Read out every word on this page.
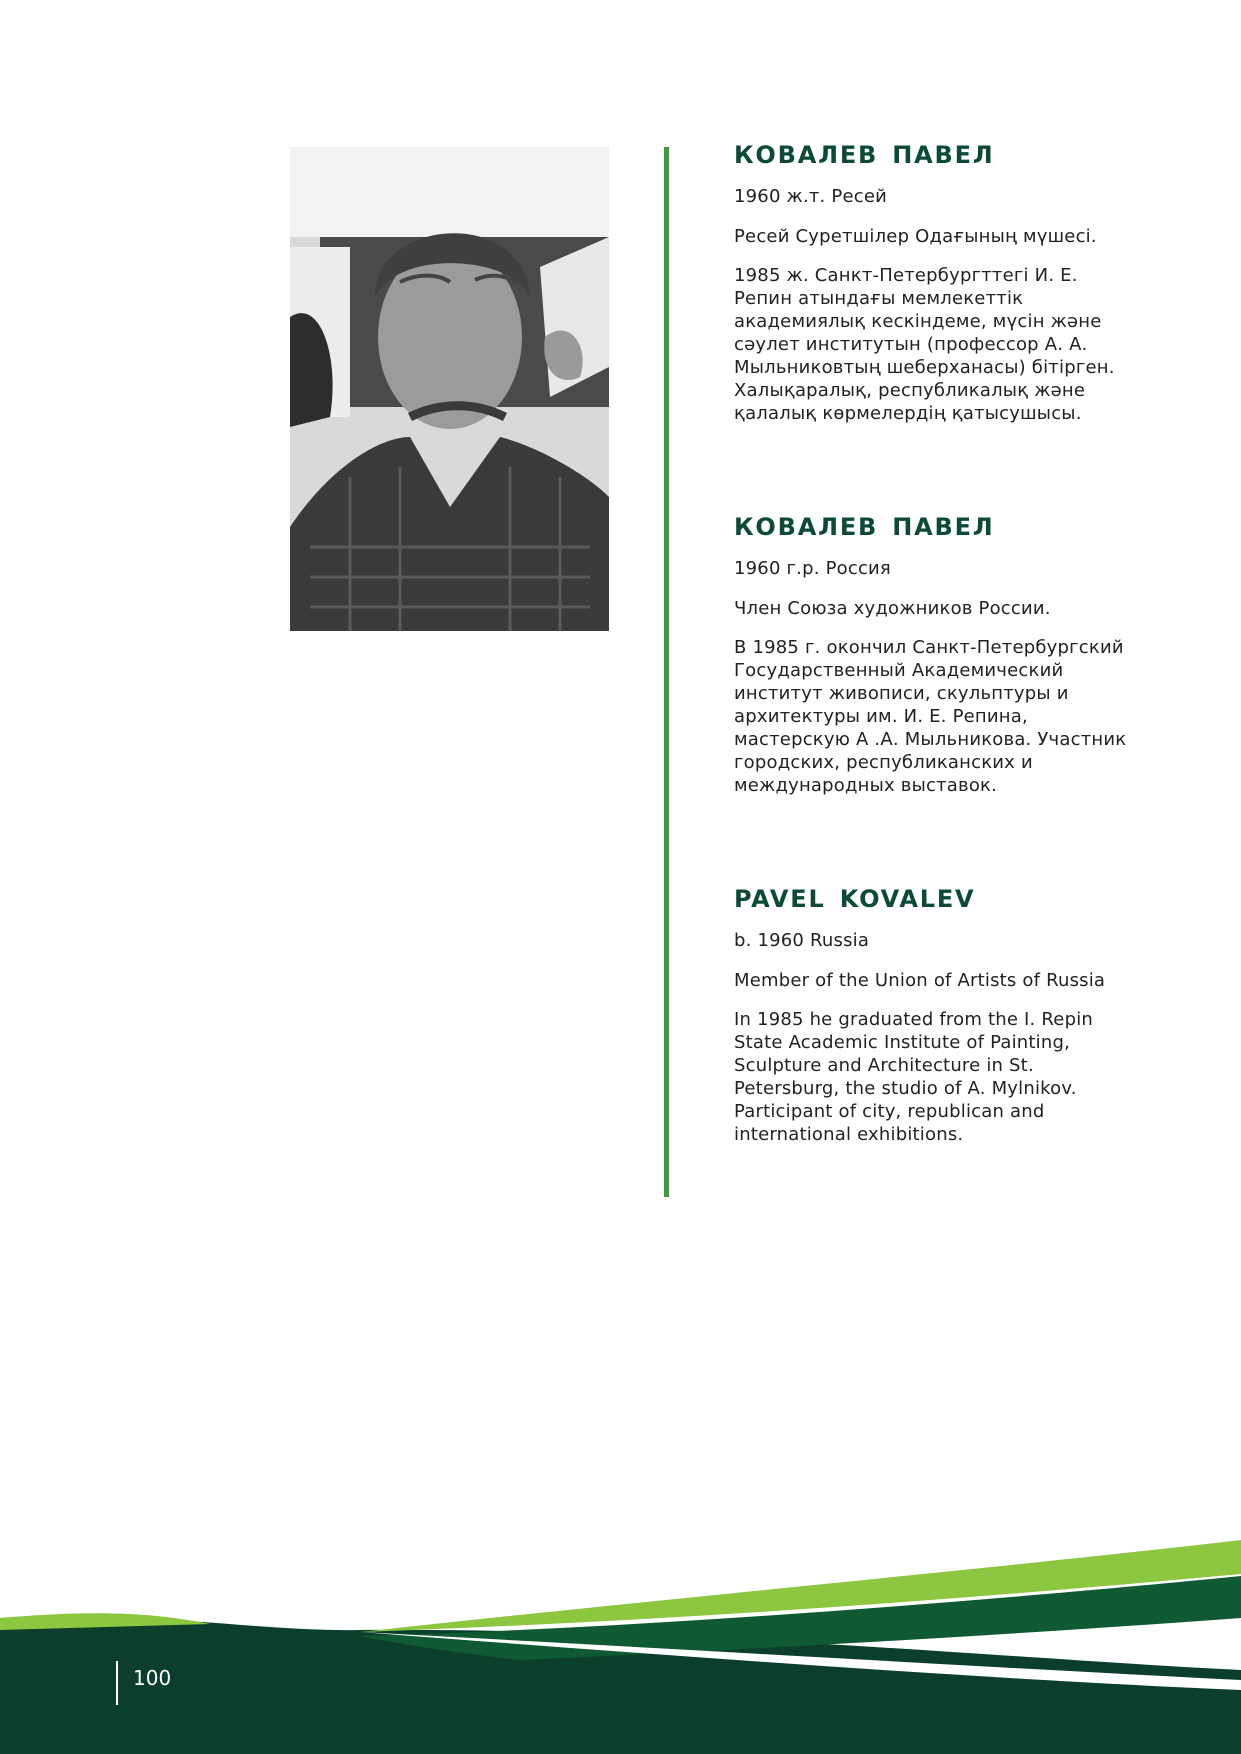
КОВАЛЕВ ПАВЕЛ

1960 ж.т. Ресей

Ресей Суретшілер Одағының мүшесі.

1985 ж. Санкт-Петербургттегі И. Е. Репин атындағы мемлекеттік академиялық кескіндеме, мүсін және сәулет институтын (профессор А. А. Мыльниковтың шеберханасы) бітірген. Халықаралық, республикалық және қалалық көрмелердің қатысушысы.

КОВАЛЕВ ПАВЕЛ

1960 г.р. Россия

Член Союза художников России.

В 1985 г. окончил Санкт-Петербургский Государственный Академический институт живописи, скульптуры и архитектуры им. И. Е. Репина, мастерскую А .А. Мыльникова. Участник городских, республиканских и международных выставок.

PAVEL KOVALEV

b. 1960 Russia

Member of the Union of Artists of Russia

In 1985 he graduated from the I. Repin State Academic Institute of Painting, Sculpture and Architecture in St. Petersburg, the studio of A. Mylnikov. Participant of city, republican and international exhibitions.

100
